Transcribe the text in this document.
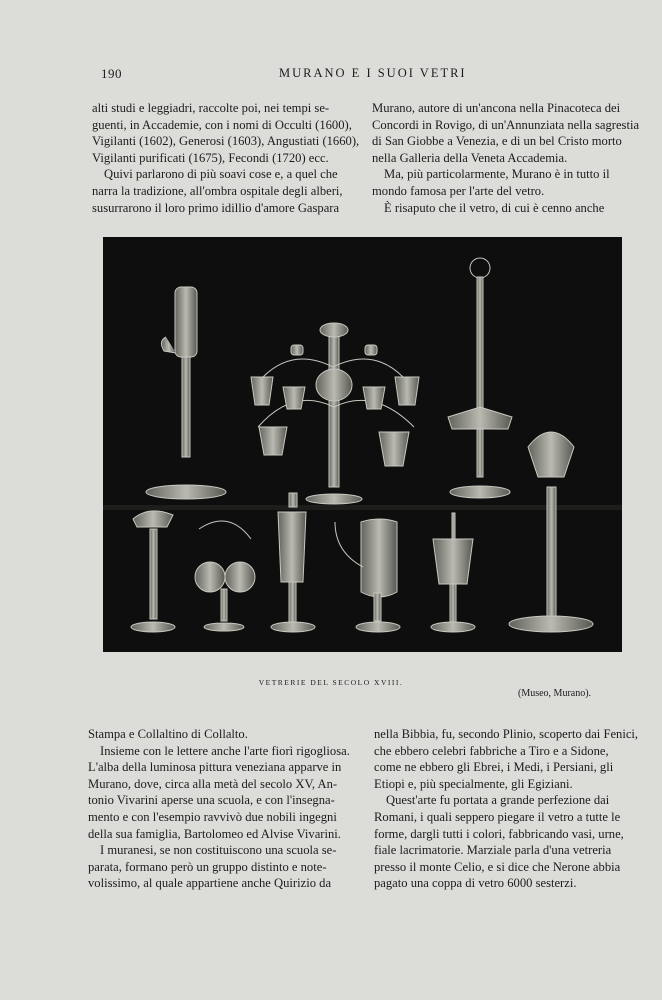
190	MURANO E I SUOI VETRI

alti studi e leggiadri, raccolte poi, nei tempi se-

guenti, in Accademie, con i nomi di Occulti (1600),

Vigilanti (1602), Generosi (1603), Angustiati (1660),

Vigilanti purificati (1675), Fecondi (1720) ecc.

Quivi parlarono di più soavi cose e, a quel che

narra la tradizione, all'ombra ospitale degli alberi,

susurrarono il loro primo idillio d'amore Gaspara

Murano, autore di un'ancona nella Pinacoteca dei

Concordi in Rovigo, di un'Annunziata nella sagrestia

di San Giobbe a Venezia, e di un bel Cristo morto

nella Galleria della Veneta Accademia.

Ma, più particolarmente, Murano è in tutto il

mondo famosa per l'arte del vetro.

È risaputo che il vetro, di cui è cenno anche

VETRERIE DEL SECOLO XVIII.
(Museo, Murano).

Stampa e Collaltino di Collalto.

Insieme con le lettere anche l'arte fiorì rigogliosa.

L'alba della luminosa pittura veneziana apparve in

Murano, dove, circa alla metà del secolo XV, An-

tonio Vivarini aperse una scuola, e con l'insegna-

mento e con l'esempio ravvivò due nobili ingegni

della sua famiglia, Bartolomeo ed Alvise Vivarini.

I muranesi, se non costituiscono una scuola se-

parata, formano però un gruppo distinto e note-

volissimo, al quale appartiene anche Quirizio da

nella Bibbia, fu, secondo Plinio, scoperto dai Fenici,

che ebbero celebri fabbriche a Tiro e a Sidone,

come ne ebbero gli Ebrei, i Medi, i Persiani, gli

Etiopi e, più specialmente, gli Egiziani.

Quest'arte fu portata a grande perfezione dai

Romani, i quali seppero piegare il vetro a tutte le

forme, dargli tutti i colori, fabbricando vasi, urne,

fiale lacrimatorie. Marziale parla d'una vetreria

presso il monte Celio, e si dice che Nerone abbia

pagato una coppa di vetro 6000 sesterzi.
